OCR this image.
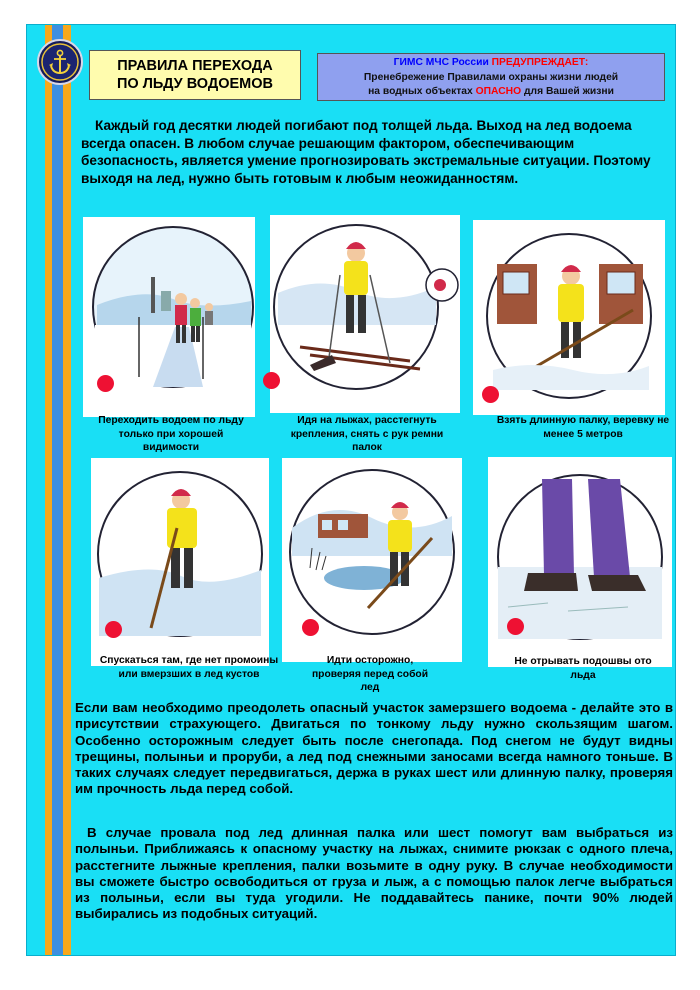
ПРАВИЛА ПЕРЕХОДА ПО ЛЬДУ ВОДОЕМОВ
ГИМС МЧС России ПРЕДУПРЕЖДАЕТ:
Пренебрежение Правилами охраны жизни людей
на водных объектах ОПАСНО для Вашей жизни
Каждый год десятки людей погибают под толщей льда. Выход на лед водоема всегда опасен. В любом случае решающим фактором, обеспечивающим безопасность, является умение прогнозировать экстремальные ситуации. Поэтому выходя на лед, нужно быть готовым к любым неожиданностям.
Переходить водоем по льду только при хорошей видимости
Идя на лыжах, расстегнуть крепления, снять с рук ремни палок
Взять длинную палку, веревку не менее 5 метров
Спускаться там, где нет промоины или вмерзших в лед кустов
Идти осторожно, проверяя перед собой лед
Не отрывать подошвы ото льда

Если вам необходимо преодолеть опасный участок замерзшего водоема - делайте это в присутствии страхующего. Двигаться по тонкому льду нужно скользящим шагом. Особенно осторожным следует быть после снегопада. Под снегом не будут видны трещины, полыньи и проруби, а лед под снежными заносами всегда намного тоньше. В таких случаях следует передвигаться, держа в руках шест или длинную палку, проверяя им прочность льда перед собой.

В случае провала под лед длинная палка или шест помогут вам выбраться из полыньи. Приближаясь к опасному участку на лыжах, снимите рюкзак с одного плеча, расстегните лыжные крепления, палки возьмите в одну руку. В случае необходимости вы сможете быстро освободиться от груза и лыж, а с помощью палок легче выбраться из полыньи, если вы туда угодили. Не поддавайтесь панике, почти 90% людей выбирались из подобных ситуаций.
